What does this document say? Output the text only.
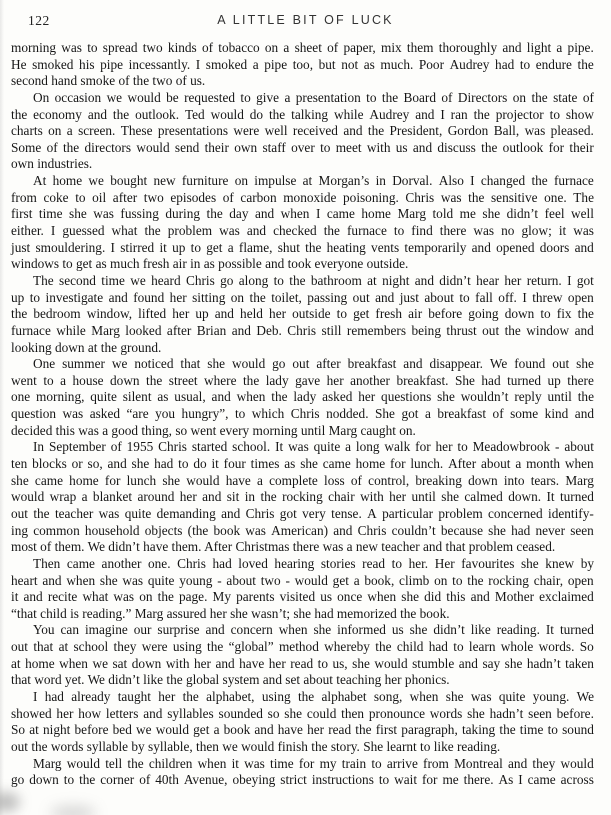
122	A LITTLE BIT OF LUCK
morning was to spread two kinds of tobacco on a sheet of paper, mix them thoroughly and light a pipe.
He smoked his pipe incessantly. I smoked a pipe too, but not as much. Poor Audrey had to endure the
second hand smoke of the two of us.
On occasion we would be requested to give a presentation to the Board of Directors on the state of
the economy and the outlook. Ted would do the talking while Audrey and I ran the projector to show
charts on a screen. These presentations were well received and the President, Gordon Ball, was pleased.
Some of the directors would send their own staff over to meet with us and discuss the outlook for their
own industries.
At home we bought new furniture on impulse at Morgan’s in Dorval. Also I changed the furnace
from coke to oil after two episodes of carbon monoxide poisoning. Chris was the sensitive one. The
first time she was fussing during the day and when I came home Marg told me she didn’t feel well
either. I guessed what the problem was and checked the furnace to find there was no glow; it was
just smouldering. I stirred it up to get a flame, shut the heating vents temporarily and opened doors and
windows to get as much fresh air in as possible and took everyone outside.
The second time we heard Chris go along to the bathroom at night and didn’t hear her return. I got
up to investigate and found her sitting on the toilet, passing out and just about to fall off. I threw open
the bedroom window, lifted her up and held her outside to get fresh air before going down to fix the
furnace while Marg looked after Brian and Deb. Chris still remembers being thrust out the window and
looking down at the ground.
One summer we noticed that she would go out after breakfast and disappear. We found out she
went to a house down the street where the lady gave her another breakfast. She had turned up there
one morning, quite silent as usual, and when the lady asked her questions she wouldn’t reply until the
question was asked “are you hungry”, to which Chris nodded. She got a breakfast of some kind and
decided this was a good thing, so went every morning until Marg caught on.
In September of 1955 Chris started school. It was quite a long walk for her to Meadowbrook - about
ten blocks or so, and she had to do it four times as she came home for lunch. After about a month when
she came home for lunch she would have a complete loss of control, breaking down into tears. Marg
would wrap a blanket around her and sit in the rocking chair with her until she calmed down. It turned
out the teacher was quite demanding and Chris got very tense. A particular problem concerned identify-
ing common household objects (the book was American) and Chris couldn’t because she had never seen
most of them. We didn’t have them. After Christmas there was a new teacher and that problem ceased.
Then came another one. Chris had loved hearing stories read to her. Her favourites she knew by
heart and when she was quite young - about two - would get a book, climb on to the rocking chair, open
it and recite what was on the page. My parents visited us once when she did this and Mother exclaimed
“that child is reading.” Marg assured her she wasn’t; she had memorized the book.
You can imagine our surprise and concern when she informed us she didn’t like reading. It turned
out that at school they were using the “global” method whereby the child had to learn whole words. So
at home when we sat down with her and have her read to us, she would stumble and say she hadn’t taken
that word yet. We didn’t like the global system and set about teaching her phonics.
I had already taught her the alphabet, using the alphabet song, when she was quite young. We
showed her how letters and syllables sounded so she could then pronounce words she hadn’t seen before.
So at night before bed we would get a book and have her read the first paragraph, taking the time to sound
out the words syllable by syllable, then we would finish the story. She learnt to like reading.
Marg would tell the children when it was time for my train to arrive from Montreal and they would
go down to the corner of 40th Avenue, obeying strict instructions to wait for me there. As I came across
